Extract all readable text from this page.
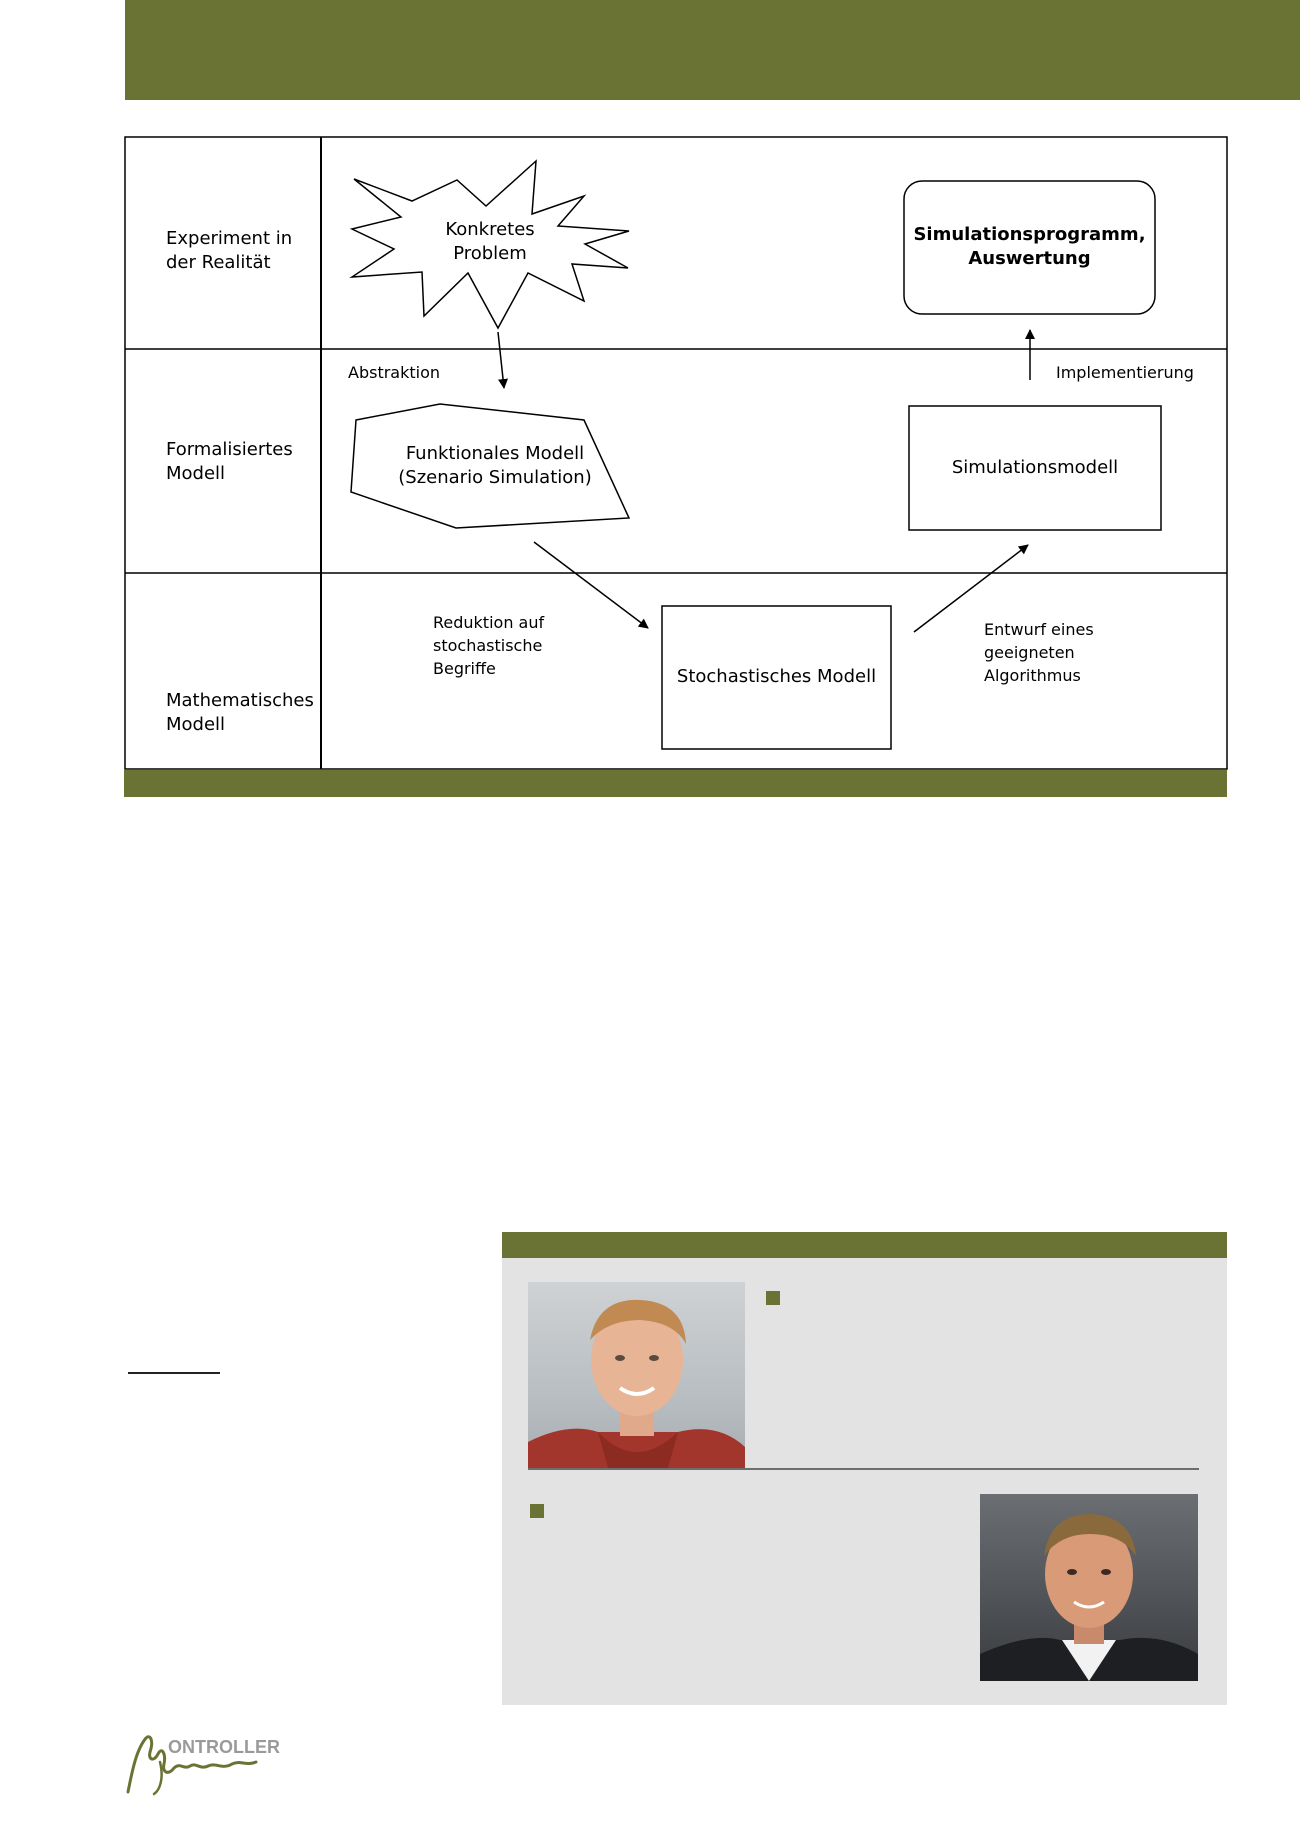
Experiment in
der Realität
Formalisiertes
Modell
Mathematisches
Modell
Konkretes
Problem
Funktionales Modell
(Szenario Simulation)
Simulationsprogramm,
Auswertung
Simulationsmodell
Stochastisches Modell
Abstraktion
Reduktion auf
stochastische
Begriffe
Entwurf eines
geeigneten
Algorithmus
Implementierung
ONTROLLER
